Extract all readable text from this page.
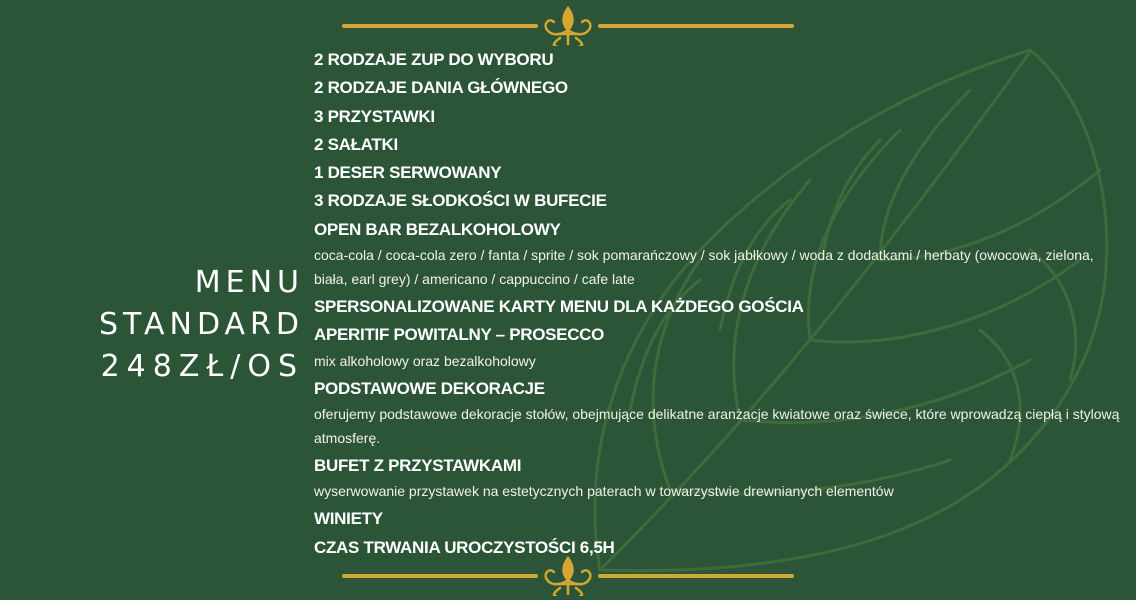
MENU STANDARD
248ZŁ/OS
2 RODZAJE ZUP DO WYBORU
2 RODZAJE DANIA GŁÓWNEGO
3 PRZYSTAWKI
2 SAŁATKI
1 DESER SERWOWANY
3 RODZAJE SŁODKOŚCI W BUFECIE
OPEN BAR BEZALKOHOLOWY
coca-cola / coca-cola zero / fanta / sprite / sok pomarańczowy / sok jabłkowy / woda z dodatkami / herbaty (owocowa, zielona, biała, earl grey) / americano / cappuccino / cafe late
SPERSONALIZOWANE KARTY MENU DLA KAŻDEGO GOŚCIA
APERITIF POWITALNY – PROSECCO
mix alkoholowy oraz bezalkoholowy
PODSTAWOWE DEKORACJE
oferujemy podstawowe dekoracje stołów, obejmujące delikatne aranżacje kwiatowe oraz świece, które wprowadzą ciepłą i stylową atmosferę.
BUFET Z PRZYSTAWKAMI
wyserwowanie przystawek na estetycznych paterach w towarzystwie drewnianych elementów
WINIETY
CZAS TRWANIA UROCZYSTOŚCI 6,5H
